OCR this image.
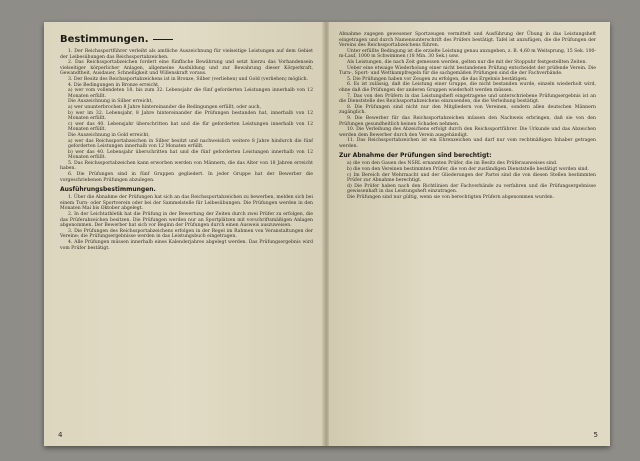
Bestimmungen.

1. Der Reichssportführer verleiht als amtliche Auszeichnung für vielseitige Leistungen auf dem Gebiet der Leibesübungen das Reichssportabzeichen.

2. Das Reichssportabzeichen fordert eine fünffache Bewährung und setzt hierzu das Vorhandensein vielseitiger körperlicher Anlagen, allgemeine Ausbildung und zur Bewahrung dieser Körperkraft, Gewandtheit, Ausdauer, Schnelligkeit und Willenskraft voraus.

3. Der Besitz des Reichssportabzeichens ist in Bronze, Silber (verliehen) und Gold (verliehen) möglich.

4. Die Bedingungen in Bronze erreicht,

a) wer vom vollendeten 18. bis zum 32. Lebensjahr die fünf geforderten Leistungen innerhalb von 12 Monaten erfüllt.

Die Auszeichnung in Silber erreicht,

a) wer ununterbrochen 8 Jahre hintereinander die Bedingungen erfüllt, oder auch,

b) wer im 32. Lebensjahr, 8 Jahre hintereinander die Prüfungen bestanden hat, innerhalb von 12 Monaten erfüllt.

c) wer das 40. Lebensjahr überschritten hat und die für geforderten Leistungen innerhalb von 12 Monaten erfüllt.

Die Auszeichnung in Gold erreicht,

a) wer das Reichssportabzeichen in Silber besitzt und nachweislich weitere 8 Jahre hindurch die fünf geforderten Leistungen innerhalb von 12 Monaten erfüllt.

b) wer das 40. Lebensjahr überschritten hat und die fünf geforderten Leistungen innerhalb von 12 Monaten erfüllt.

5. Das Reichssportabzeichen kann erworben werden von Männern, die das Alter von 18 Jahren erreicht haben.

6. Die Prüfungen sind in fünf Gruppen gegliedert. In jeder Gruppe hat der Bewerber die vorgeschriebenen Prüfungen abzulegen.

Ausführungsbestimmungen.

1. Über die Abnahme der Prüfungen hat sich an das Reichssportabzeichen zu bewerben, melden sich bei einem Turn- oder Sportverein oder bei der Sammelstelle für Leibesübungen. Die Prüfungen werden in den Monaten Mai bis Oktober abgelegt.

2. In der Leichtathletik hat die Prüfung in der Bewertung der Zeiten durch zwei Prüfer zu erfolgen, die das Prüferabzeichen besitzen. Die Prüfungen werden nur an Sportplätzen mit vorschriftsmäßigen Anlagen abgenommen. Der Bewerber hat sich vor Beginn der Prüfungen durch einen Ausweis auszuweisen.

3. Die Prüfungen des Reichssportabzeichens erfolgen in der Regel im Rahmen von Veranstaltungen der Vereine; die Prüfungsergebnisse werden in das Leistungsbuch eingetragen.

4. Alle Prüfungen müssen innerhalb eines Kalenderjahres abgelegt werden. Das Prüfungsergebnis wird vom Prüfer bestätigt.

4

Abnahme zugegen gewesener Sportzeugen vermittelt und Ausführung der Übung in das Leistungsheft eingetragen und durch Namensunterschrift des Prüfers bestätigt. Tafel ist anzufügen, die die Prüfungen der Vereins des Reichssportabzeichens führen.

Unter erfüllte Bedingung ist die erzielte Leistung genau anzugeben, z. B. 4,60 m Weitsprung, 15 Sek. 100-m-Lauf, 1000 m Schwimmen (18 Min. 30 Sek.) usw.

Als Leistungen, die nach Zeit gemessen werden, gelten nur die mit der Stoppuhr festgestellten Zeiten.

Ueber eine etwaige Wiederholung einer nicht bestandenen Prüfung entscheidet der prüfende Verein. Die Turn-, Sport- und Wettkampfregeln für die sachgemäßen Prüfungen sind die der Fachverbände.

5. Die Prüfungen haben vor Zeugen zu erfolgen, die das Ergebnis bestätigen.

6. Es ist zulässig, daß die Leistung einer Gruppe, die nicht bestanden wurde, einzeln wiederholt wird, ohne daß die Prüfungen der anderen Gruppen wiederholt werden müssen.

7. Das von den Prüfern in das Leistungsheft eingetragene und unterschriebene Prüfungsergebnis ist an die Dienststelle des Reichssportabzeichens einzusenden, die die Verleihung bestätigt.

8. Die Prüfungen sind nicht nur den Mitgliedern von Vereinen, sondern allen deutschen Männern zugänglich.

9. Die Bewerber für das Reichssportabzeichen müssen den Nachweis erbringen, daß sie von den Prüfungen gesundheitlich keinen Schaden nehmen.

10. Die Verleihung des Abzeichens erfolgt durch den Reichssportführer. Die Urkunde und das Abzeichen werden dem Bewerber durch den Verein ausgehändigt.

11. Das Reichssportabzeichen ist ein Ehrenzeichen und darf nur vom rechtmäßigen Inhaber getragen werden.

Zur Abnahme der Prüfungen sind berechtigt:

a) die von den Gauen des NSRL ernannten Prüfer, die im Besitz des Prüferausweises sind.

b) die von den Vereinen bestimmten Prüfer, die von der zuständigen Dienststelle bestätigt worden sind.

c) Im Bereich der Wehrmacht und der Gliederungen der Partei sind die von diesen Stellen bestimmten Prüfer zur Abnahme berechtigt.

d) Die Prüfer haben nach den Richtlinien der Fachverbände zu verfahren und die Prüfungsergebnisse gewissenhaft in das Leistungsheft einzutragen.

Die Prüfungen sind nur gültig, wenn sie von berechtigten Prüfern abgenommen wurden.

5
